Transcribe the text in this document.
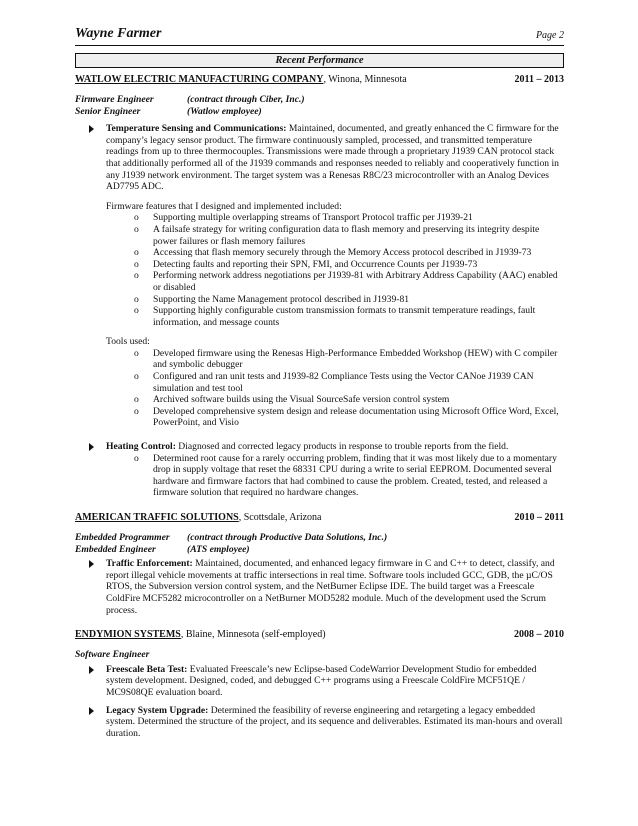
Wayne Farmer	Page 2
Recent Performance
WATLOW ELECTRIC MANUFACTURING COMPANY, Winona, Minnesota	2011 – 2013
Firmware Engineer	(contract through Ciber, Inc.)
Senior Engineer	(Watlow employee)
Temperature Sensing and Communications: Maintained, documented, and greatly enhanced the C firmware for the company’s legacy sensor product. The firmware continuously sampled, processed, and transmitted temperature readings from up to three thermocouples. Transmissions were made through a proprietary J1939 CAN protocol stack that additionally performed all of the J1939 commands and responses needed to reliably and cooperatively function in any J1939 network environment. The target system was a Renesas R8C/23 microcontroller with an Analog Devices AD7795 ADC.
Firmware features that I designed and implemented included:
o Supporting multiple overlapping streams of Transport Protocol traffic per J1939-21
o A failsafe strategy for writing configuration data to flash memory and preserving its integrity despite power failures or flash memory failures
o Accessing that flash memory securely through the Memory Access protocol described in J1939-73
o Detecting faults and reporting their SPN, FMI, and Occurrence Counts per J1939-73
o Performing network address negotiations per J1939-81 with Arbitrary Address Capability (AAC) enabled or disabled
o Supporting the Name Management protocol described in J1939-81
o Supporting highly configurable custom transmission formats to transmit temperature readings, fault information, and message counts
Tools used:
o Developed firmware using the Renesas High-Performance Embedded Workshop (HEW) with C compiler and symbolic debugger
o Configured and ran unit tests and J1939-82 Compliance Tests using the Vector CANoe J1939 CAN simulation and test tool
o Archived software builds using the Visual SourceSafe version control system
o Developed comprehensive system design and release documentation using Microsoft Office Word, Excel, PowerPoint, and Visio
Heating Control: Diagnosed and corrected legacy products in response to trouble reports from the field.
o Determined root cause for a rarely occurring problem, finding that it was most likely due to a momentary drop in supply voltage that reset the 68331 CPU during a write to serial EEPROM. Documented several hardware and firmware factors that had combined to cause the problem. Created, tested, and released a firmware solution that required no hardware changes.
AMERICAN TRAFFIC SOLUTIONS, Scottsdale, Arizona	2010 – 2011
Embedded Programmer	(contract through Productive Data Solutions, Inc.)
Embedded Engineer	(ATS employee)
Traffic Enforcement: Maintained, documented, and enhanced legacy firmware in C and C++ to detect, classify, and report illegal vehicle movements at traffic intersections in real time. Software tools included GCC, GDB, the µC/OS RTOS, the Subversion version control system, and the NetBurner Eclipse IDE. The build target was a Freescale ColdFire MCF5282 microcontroller on a NetBurner MOD5282 module. Much of the development used the Scrum process.
ENDYMION SYSTEMS, Blaine, Minnesota (self-employed)	2008 – 2010
Software Engineer
Freescale Beta Test: Evaluated Freescale’s new Eclipse-based CodeWarrior Development Studio for embedded system development. Designed, coded, and debugged C++ programs using a Freescale ColdFire MCF51QE / MC9S08QE evaluation board.
Legacy System Upgrade: Determined the feasibility of reverse engineering and retargeting a legacy embedded system. Determined the structure of the project, and its sequence and deliverables. Estimated its man-hours and overall duration.
